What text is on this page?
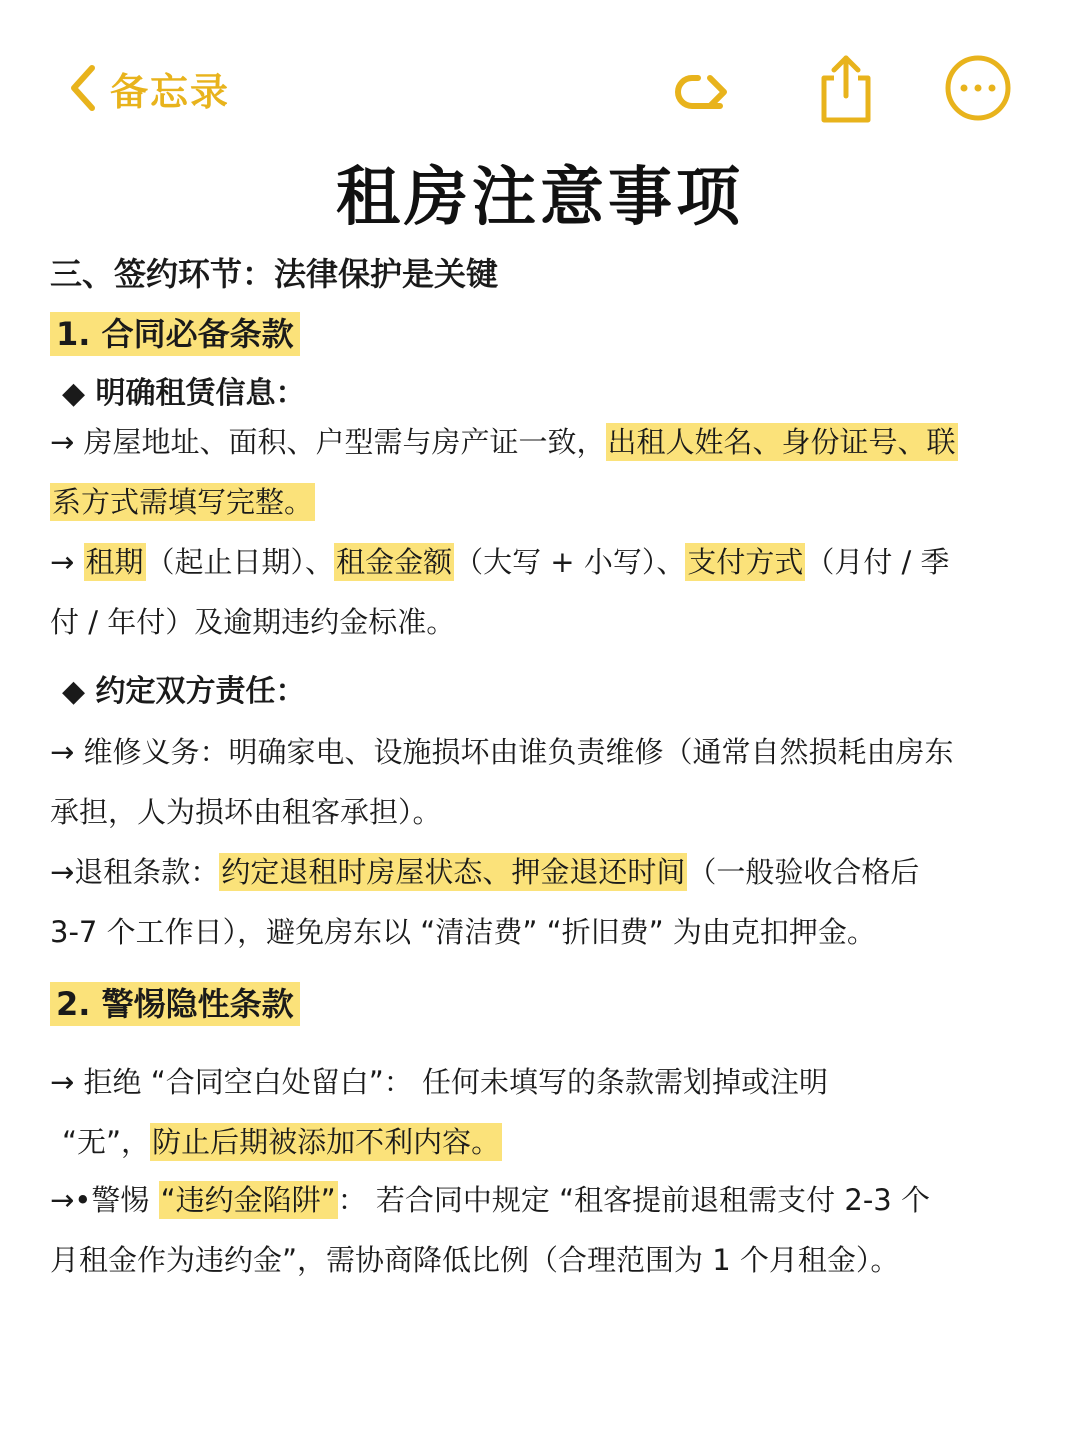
备忘录
租房注意事项
三、签约环节：法律保护是关键
1. 合同必备条款
◆ 明确租赁信息：
→ 房屋地址、面积、户型需与房产证一致，出租人姓名、身份证号、联
系方式需填写完整。
→ 租期（起止日期）、租金金额（大写 + 小写）、支付方式（月付 / 季
付 / 年付）及逾期违约金标准。
◆ 约定双方责任：
→ 维修义务：明确家电、设施损坏由谁负责维修（通常自然损耗由房东
承担，人为损坏由租客承担）。
→退租条款：约定退租时房屋状态、押金退还时间（一般验收合格后
3-7 个工作日），避免房东以 “清洁费” “折旧费” 为由克扣押金。
2. 警惕隐性条款
→ 拒绝 “合同空白处留白”： 任何未填写的条款需划掉或注明
“无”，防止后期被添加不利内容。
→•警惕 “违约金陷阱”： 若合同中规定 “租客提前退租需支付 2-3 个
月租金作为违约金”，需协商降低比例（合理范围为 1 个月租金）。
